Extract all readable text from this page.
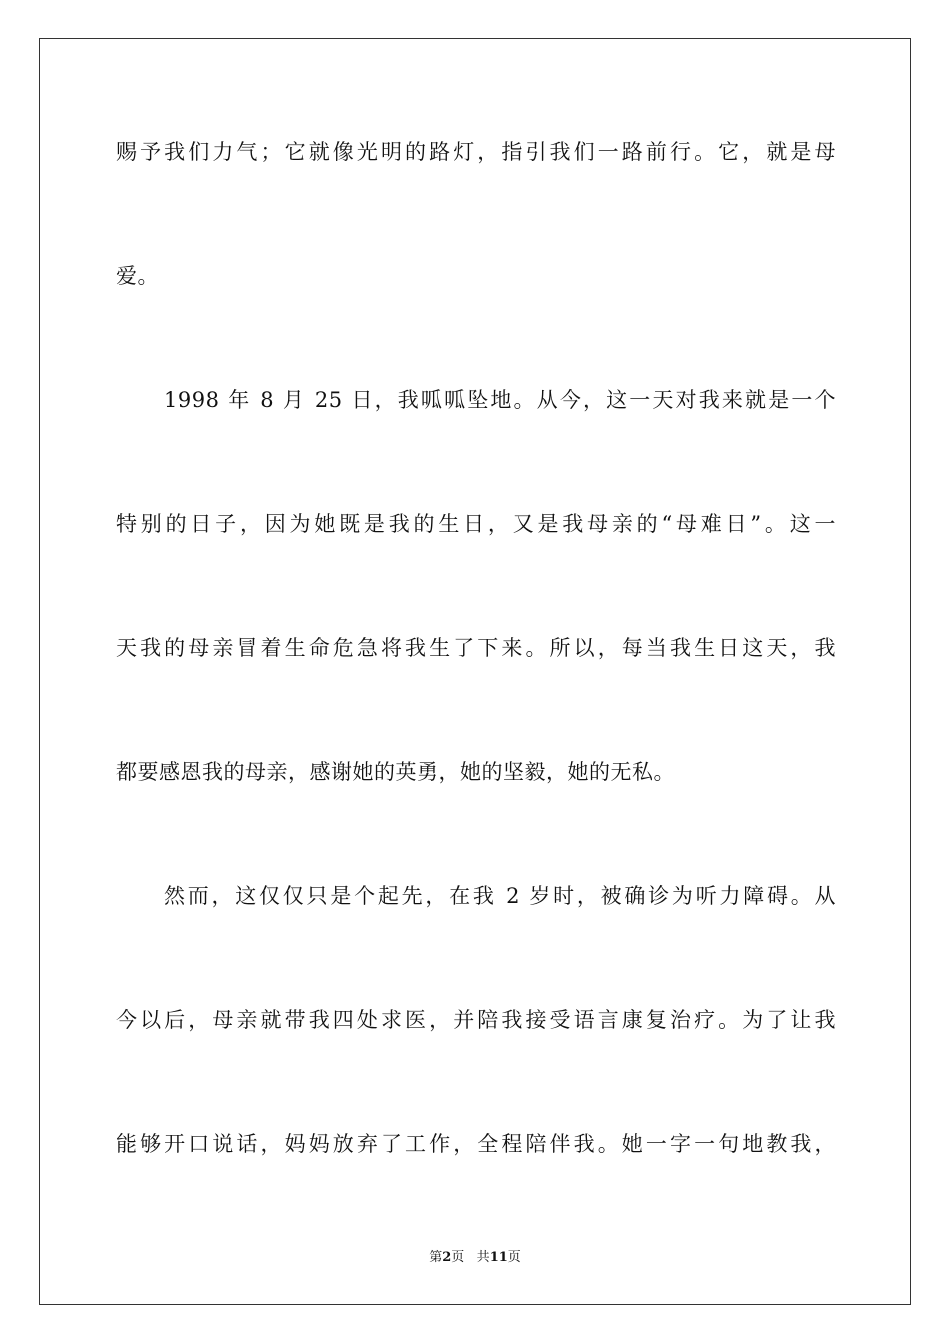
赐予我们力气；它就像光明的路灯，指引我们一路前行。它，就是母
爱。
1998 年 8 月 25 日，我呱呱坠地。从今，这一天对我来就是一个
特别的日子，因为她既是我的生日，又是我母亲的“母难日”。这一
天我的母亲冒着生命危急将我生了下来。所以，每当我生日这天，我
都要感恩我的母亲，感谢她的英勇，她的坚毅，她的无私。
然而，这仅仅只是个起先，在我 2 岁时，被确诊为听力障碍。从
今以后，母亲就带我四处求医，并陪我接受语言康复治疗。为了让我
能够开口说话，妈妈放弃了工作，全程陪伴我。她一字一句地教我，
第2页 共11页
